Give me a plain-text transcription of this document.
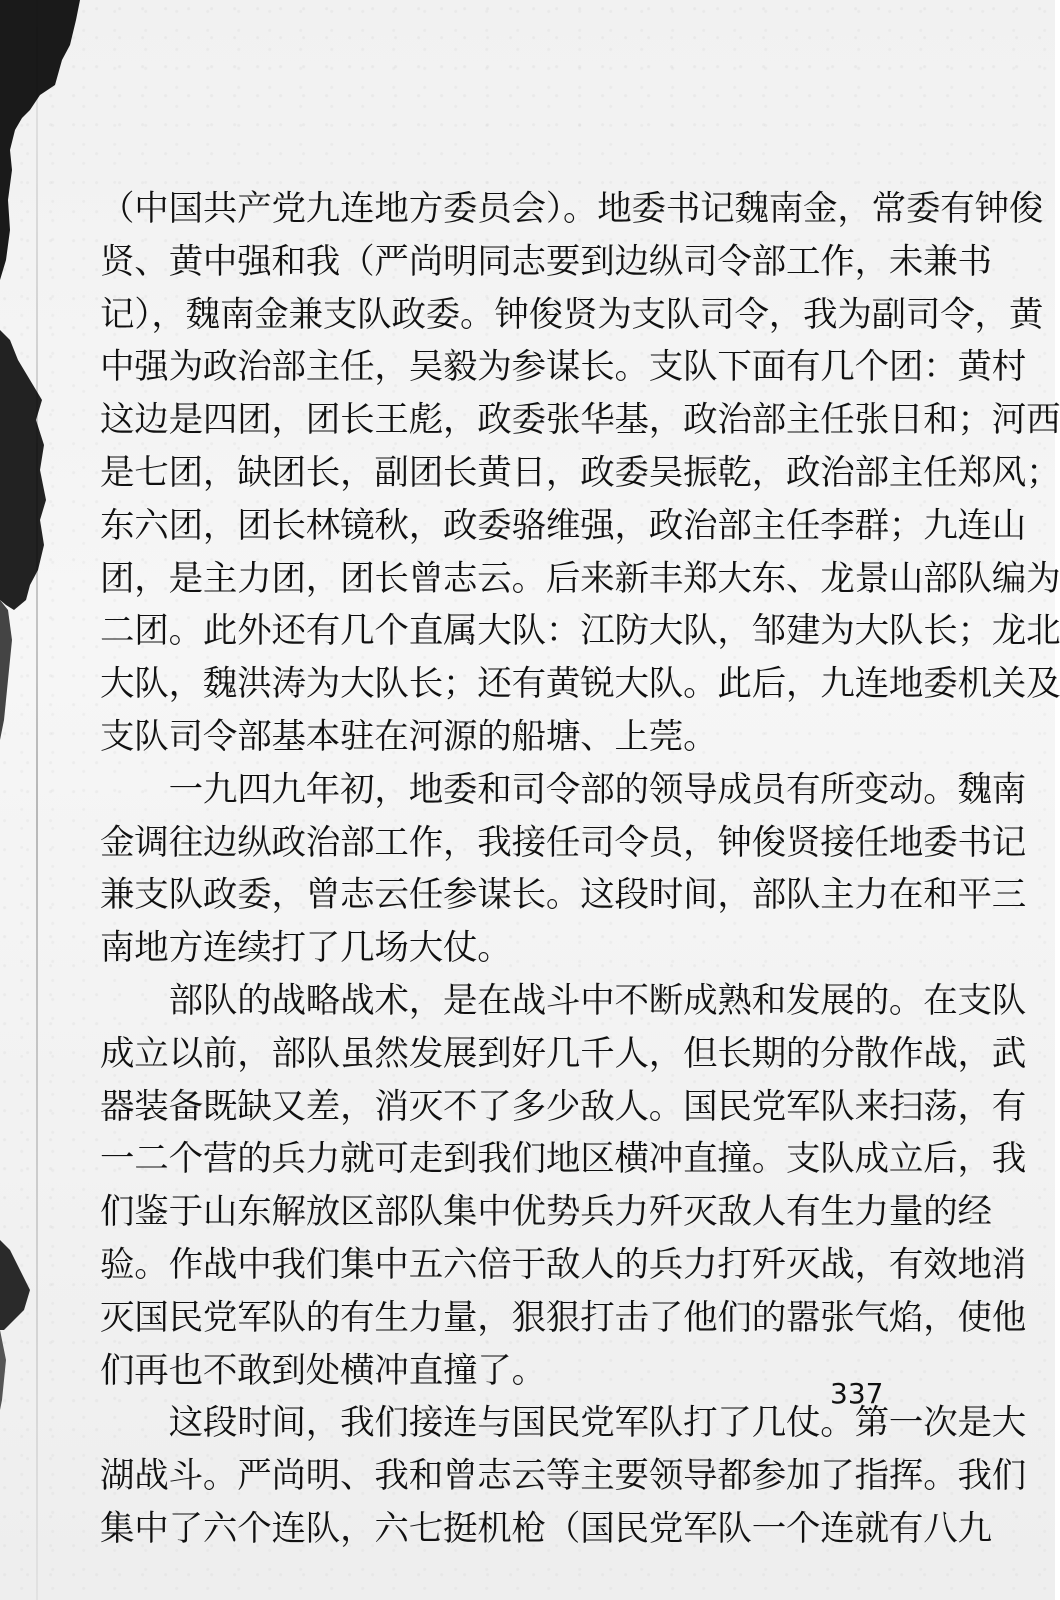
（中国共产党九连地方委员会）。地委书记魏南金，常委有钟俊
贤、黄中强和我（严尚明同志要到边纵司令部工作，未兼书
记），魏南金兼支队政委。钟俊贤为支队司令，我为副司令，黄
中强为政治部主任，吴毅为参谋长。支队下面有几个团：黄村
这边是四团，团长王彪，政委张华基，政治部主任张日和；河西
是七团，缺团长，副团长黄日，政委吴振乾，政治部主任郑风；
东六团，团长林镜秋，政委骆维强，政治部主任李群；九连山
团，是主力团，团长曾志云。后来新丰郑大东、龙景山部队编为
二团。此外还有几个直属大队：江防大队，邹建为大队长；龙北
大队，魏洪涛为大队长；还有黄锐大队。此后，九连地委机关及
支队司令部基本驻在河源的船塘、上莞。
　　一九四九年初，地委和司令部的领导成员有所变动。魏南
金调往边纵政治部工作，我接任司令员，钟俊贤接任地委书记
兼支队政委，曾志云任参谋长。这段时间，部队主力在和平三
南地方连续打了几场大仗。
　　部队的战略战术，是在战斗中不断成熟和发展的。在支队
成立以前，部队虽然发展到好几千人，但长期的分散作战，武
器装备既缺又差，消灭不了多少敌人。国民党军队来扫荡，有
一二个营的兵力就可走到我们地区横冲直撞。支队成立后，我
们鉴于山东解放区部队集中优势兵力歼灭敌人有生力量的经
验。作战中我们集中五六倍于敌人的兵力打歼灭战，有效地消
灭国民党军队的有生力量，狠狠打击了他们的嚣张气焰，使他
们再也不敢到处横冲直撞了。
　　这段时间，我们接连与国民党军队打了几仗。第一次是大
湖战斗。严尚明、我和曾志云等主要领导都参加了指挥。我们
集中了六个连队，六七挺机枪（国民党军队一个连就有八九
337
